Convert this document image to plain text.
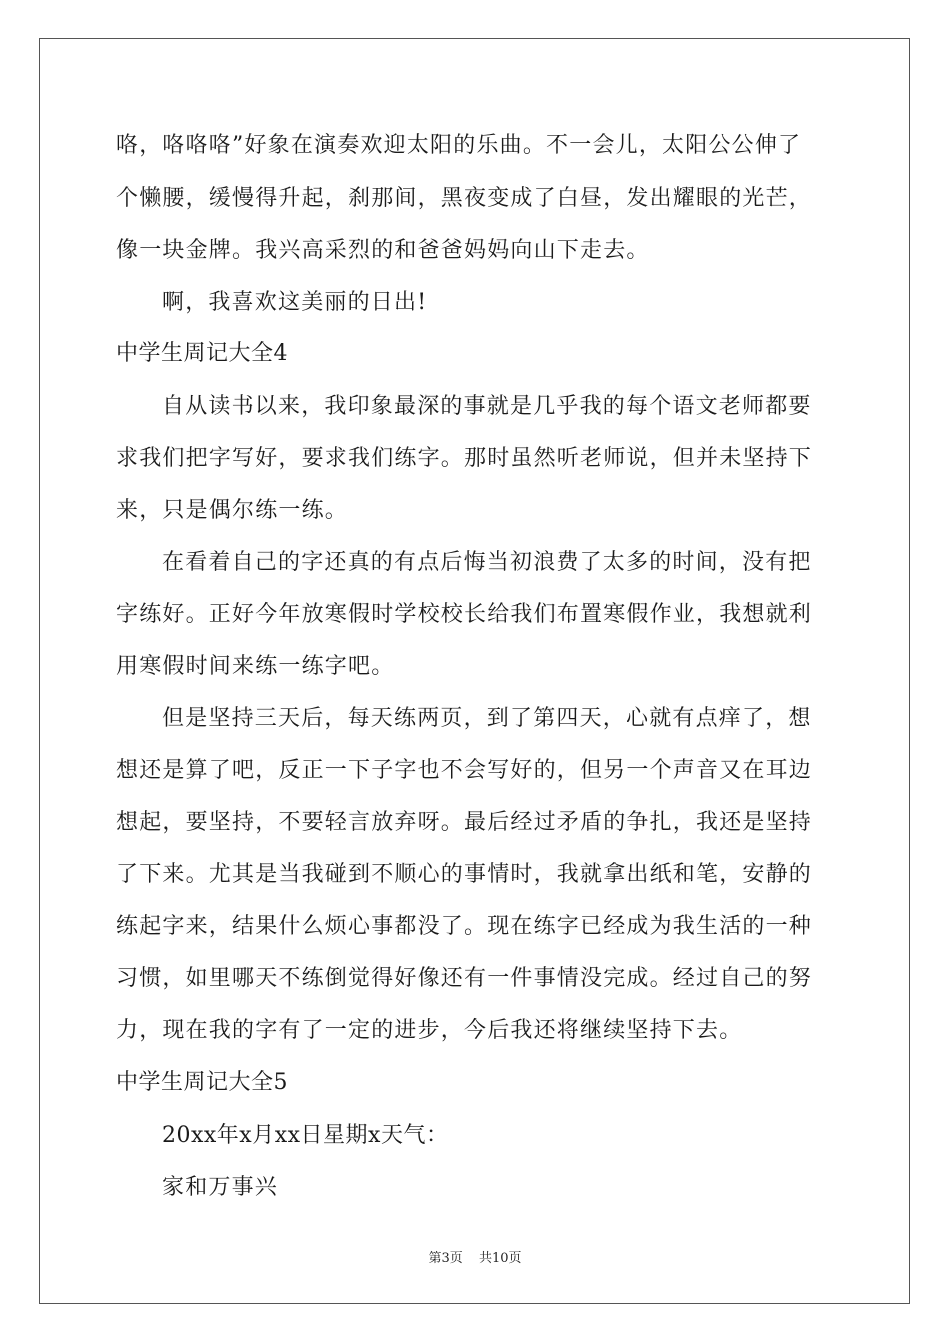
咯，咯咯咯”好象在演奏欢迎太阳的乐曲。不一会儿，太阳公公伸了
个懒腰，缓慢得升起，刹那间，黑夜变成了白昼，发出耀眼的光芒，
像一块金牌。我兴高采烈的和爸爸妈妈向山下走去。
啊，我喜欢这美丽的日出!
中学生周记大全4
自从读书以来，我印象最深的事就是几乎我的每个语文老师都要
求我们把字写好，要求我们练字。那时虽然听老师说，但并未坚持下
来，只是偶尔练一练。
在看着自己的字还真的有点后悔当初浪费了太多的时间，没有把
字练好。正好今年放寒假时学校校长给我们布置寒假作业，我想就利
用寒假时间来练一练字吧。
但是坚持三天后，每天练两页，到了第四天，心就有点痒了，想
想还是算了吧，反正一下子字也不会写好的，但另一个声音又在耳边
想起，要坚持，不要轻言放弃呀。最后经过矛盾的争扎，我还是坚持
了下来。尤其是当我碰到不顺心的事情时，我就拿出纸和笔，安静的
练起字来，结果什么烦心事都没了。现在练字已经成为我生活的一种
习惯，如里哪天不练倒觉得好像还有一件事情没完成。经过自己的努
力，现在我的字有了一定的进步，今后我还将继续坚持下去。
中学生周记大全5
20xx年x月xx日星期x天气：
家和万事兴
第3页 共10页
